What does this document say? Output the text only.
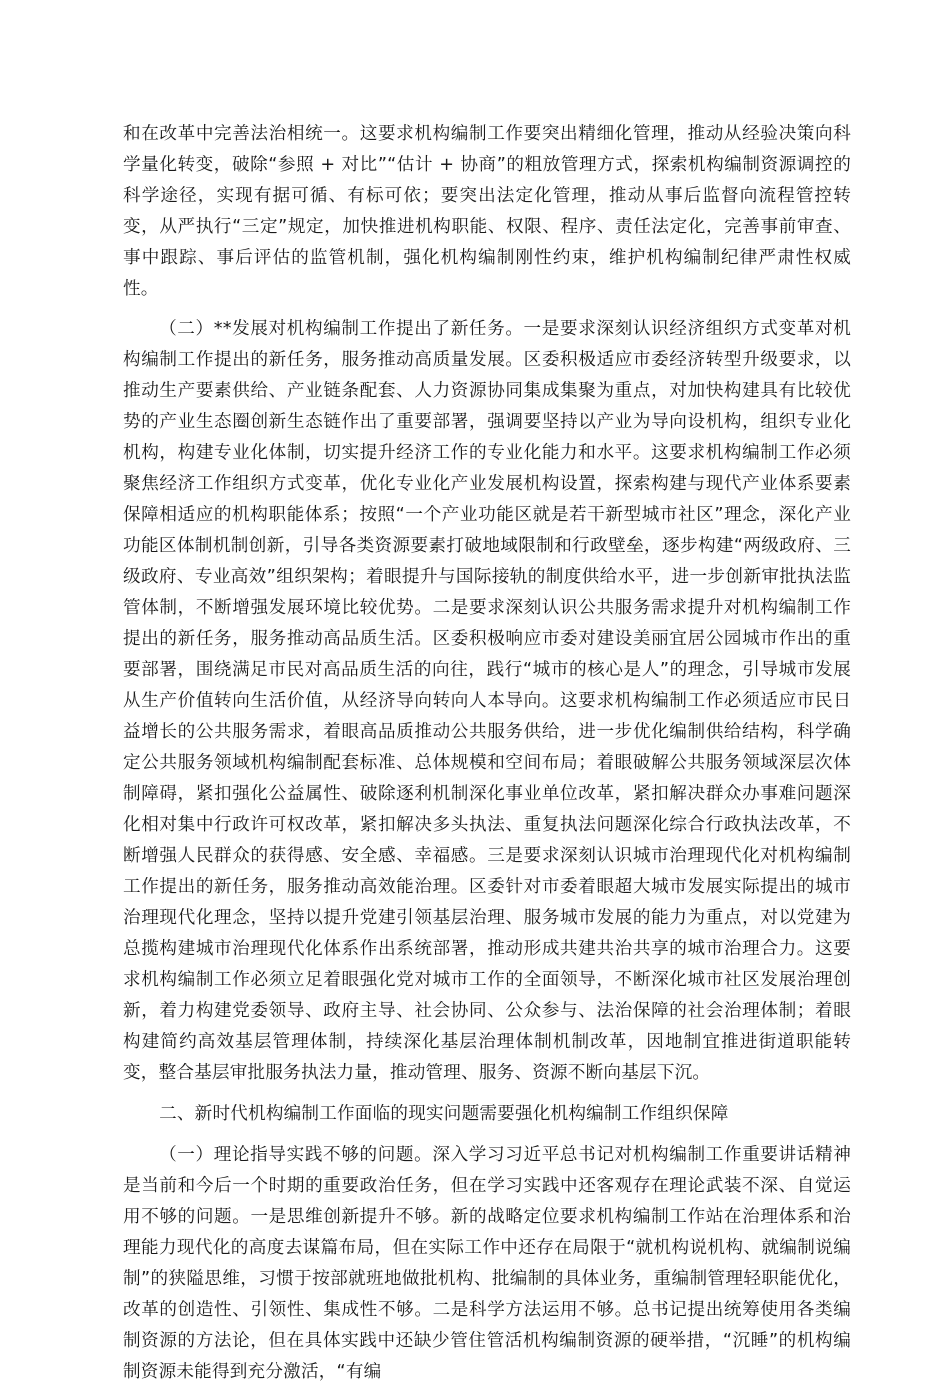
和在改革中完善法治相统一。这要求机构编制工作要突出精细化管理，推动从经验决策向科学量化转变，破除“参照 + 对比”“估计 + 协商”的粗放管理方式，探索机构编制资源调控的科学途径，实现有据可循、有标可依；要突出法定化管理，推动从事后监督向流程管控转变，从严执行“三定”规定，加快推进机构职能、权限、程序、责任法定化，完善事前审查、事中跟踪、事后评估的监管机制，强化机构编制刚性约束，维护机构编制纪律严肃性权威性。

（二）**发展对机构编制工作提出了新任务。一是要求深刻认识经济组织方式变革对机构编制工作提出的新任务，服务推动高质量发展。区委积极适应市委经济转型升级要求，以推动生产要素供给、产业链条配套、人力资源协同集成集聚为重点，对加快构建具有比较优势的产业生态圈创新生态链作出了重要部署，强调要坚持以产业为导向设机构，组织专业化机构，构建专业化体制，切实提升经济工作的专业化能力和水平。这要求机构编制工作必须聚焦经济工作组织方式变革，优化专业化产业发展机构设置，探索构建与现代产业体系要素保障相适应的机构职能体系；按照“一个产业功能区就是若干新型城市社区”理念，深化产业功能区体制机制创新，引导各类资源要素打破地域限制和行政壁垒，逐步构建“两级政府、三级政府、专业高效”组织架构；着眼提升与国际接轨的制度供给水平，进一步创新审批执法监管体制，不断增强发展环境比较优势。二是要求深刻认识公共服务需求提升对机构编制工作提出的新任务，服务推动高品质生活。区委积极响应市委对建设美丽宜居公园城市作出的重要部署，围绕满足市民对高品质生活的向往，践行“城市的核心是人”的理念，引导城市发展从生产价值转向生活价值，从经济导向转向人本导向。这要求机构编制工作必须适应市民日益增长的公共服务需求，着眼高品质推动公共服务供给，进一步优化编制供给结构，科学确定公共服务领域机构编制配套标准、总体规模和空间布局；着眼破解公共服务领域深层次体制障碍，紧扣强化公益属性、破除逐利机制深化事业单位改革，紧扣解决群众办事难问题深化相对集中行政许可权改革，紧扣解决多头执法、重复执法问题深化综合行政执法改革，不断增强人民群众的获得感、安全感、幸福感。三是要求深刻认识城市治理现代化对机构编制工作提出的新任务，服务推动高效能治理。区委针对市委着眼超大城市发展实际提出的城市治理现代化理念，坚持以提升党建引领基层治理、服务城市发展的能力为重点，对以党建为总揽构建城市治理现代化体系作出系统部署，推动形成共建共治共享的城市治理合力。这要求机构编制工作必须立足着眼强化党对城市工作的全面领导，不断深化城市社区发展治理创新，着力构建党委领导、政府主导、社会协同、公众参与、法治保障的社会治理体制；着眼构建简约高效基层管理体制，持续深化基层治理体制机制改革，因地制宜推进街道职能转变，整合基层审批服务执法力量，推动管理、服务、资源不断向基层下沉。

二、新时代机构编制工作面临的现实问题需要强化机构编制工作组织保障

（一）理论指导实践不够的问题。深入学习习近平总书记对机构编制工作重要讲话精神是当前和今后一个时期的重要政治任务，但在学习实践中还客观存在理论武装不深、自觉运用不够的问题。一是思维创新提升不够。新的战略定位要求机构编制工作站在治理体系和治理能力现代化的高度去谋篇布局，但在实际工作中还存在局限于“就机构说机构、就编制说编制”的狭隘思维，习惯于按部就班地做批机构、批编制的具体业务，重编制管理轻职能优化，改革的创造性、引领性、集成性不够。二是科学方法运用不够。总书记提出统筹使用各类编制资源的方法论，但在具体实践中还缺少管住管活机构编制资源的硬举措，“沉睡”的机构编制资源未能得到充分激活，“有编
